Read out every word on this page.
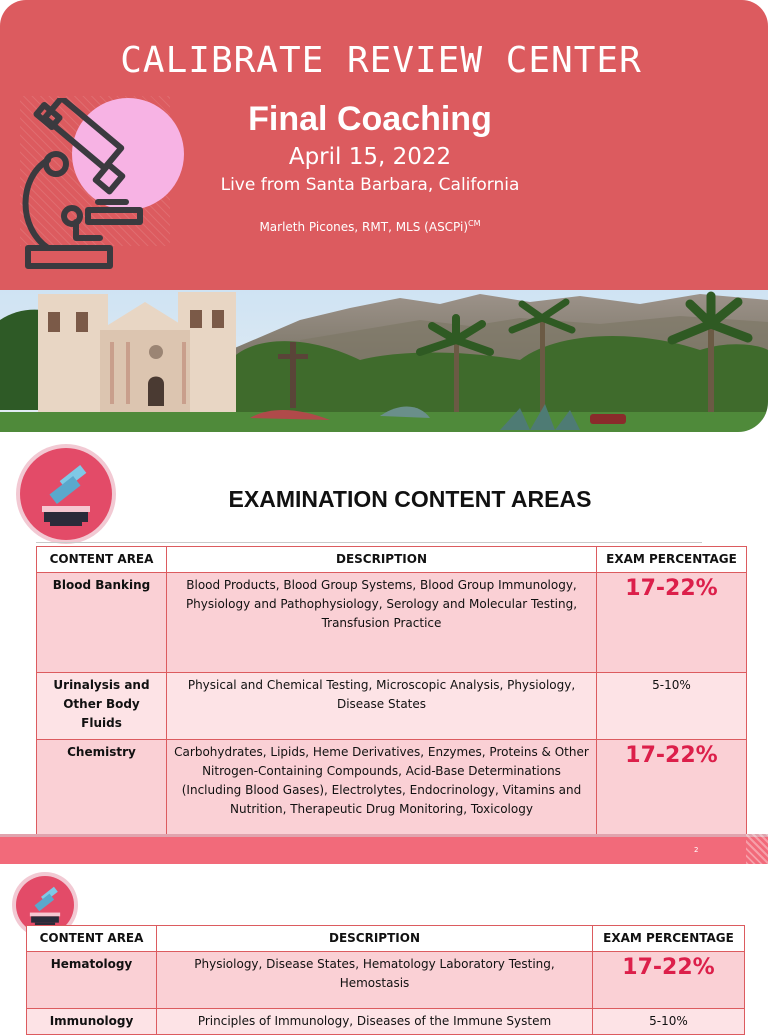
CALIBRATE REVIEW CENTER
Final Coaching
April 15, 2022
Live from Santa Barbara, California
Marleth Picones, RMT, MLS (ASCPi)$^{CM}$
EXAMINATION CONTENT AREAS
CONTENT AREA	DESCRIPTION	EXAM PERCENTAGE
Blood Banking	Blood Products, Blood Group Systems, Blood Group Immunology, Physiology and Pathophysiology, Serology and Molecular Testing, Transfusion Practice	17-22%
Urinalysis and Other Body Fluids	Physical and Chemical Testing, Microscopic Analysis, Physiology, Disease States	5-10%
Chemistry	Carbohydrates, Lipids, Heme Derivatives, Enzymes, Proteins & Other Nitrogen-Containing Compounds, Acid-Base Determinations (Including Blood Gases), Electrolytes, Endocrinology, Vitamins and Nutrition, Therapeutic Drug Monitoring, Toxicology	17-22%
2
CONTENT AREA	DESCRIPTION	EXAM PERCENTAGE
Hematology	Physiology, Disease States, Hematology Laboratory Testing, Hemostasis	17-22%
Immunology	Principles of Immunology, Diseases of the Immune System	5-10%
